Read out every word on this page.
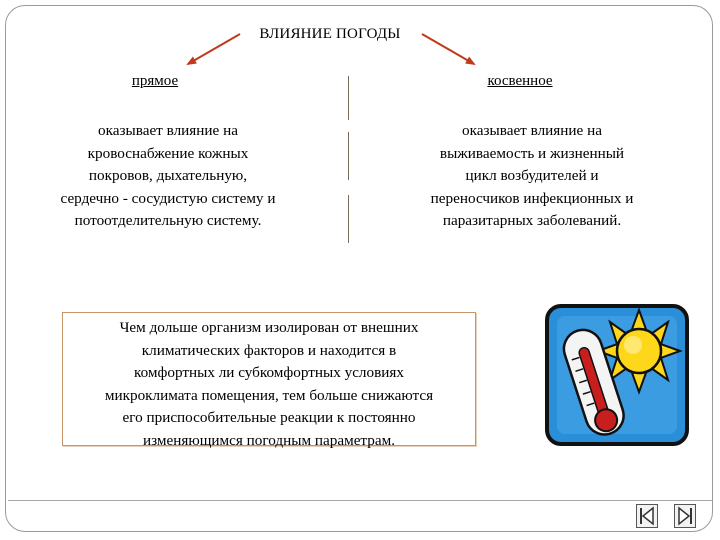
ВЛИЯНИЕ ПОГОДЫ
прямое	косвенное
оказывает влияние на
кровоснабжение кожных
покровов, дыхательную,
сердечно - сосудистую систему и
потоотделительную систему.
оказывает влияние на
выживаемость и жизненный
цикл возбудителей и
переносчиков инфекционных и
паразитарных заболеваний.
Чем дольше организм изолирован от внешних
климатических факторов и находится в
комфортных ли субкомфортных условиях
микроклимата помещения, тем больше снижаются
его приспособительные реакции к постоянно
изменяющимся погодным параметрам.
